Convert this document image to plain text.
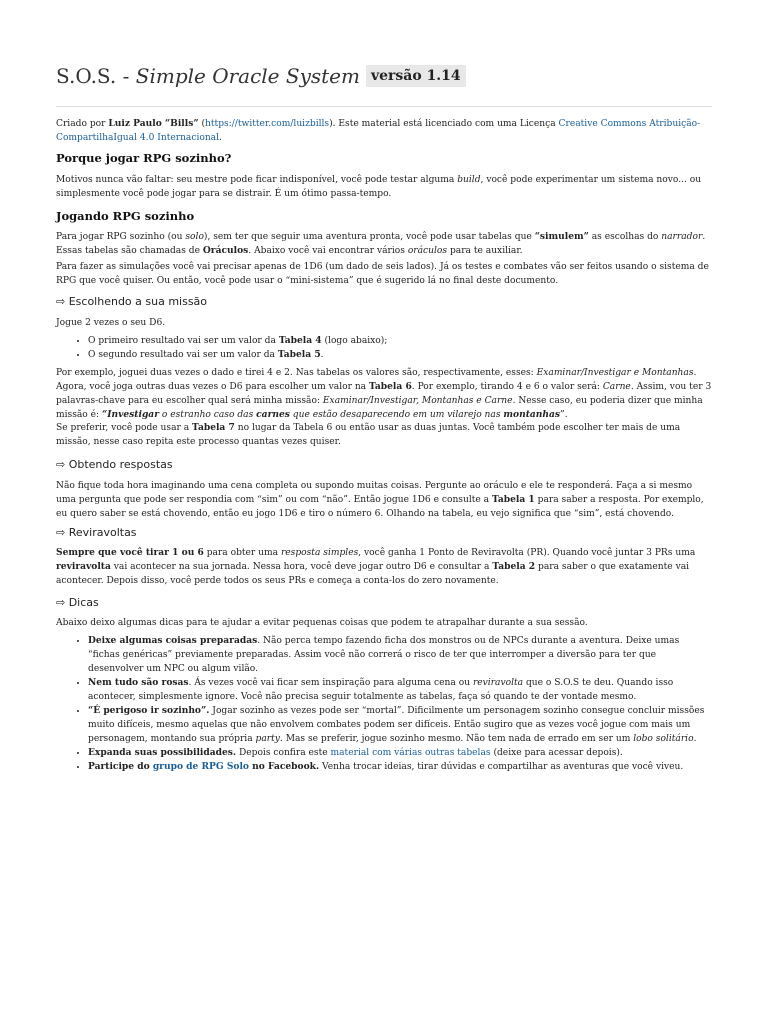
S.O.S. - Simple Oracle System versão 1.14

Criado por Luiz Paulo “Bills” (https://twitter.com/luizbills). Este material está licenciado com uma Licença Creative Commons Atribuição-CompartilhaIgual 4.0 Internacional.

Porque jogar RPG sozinho?

Motivos nunca vão faltar: seu mestre pode ficar indisponível, você pode testar alguma build, você pode experimentar um sistema novo... ou simplesmente você pode jogar para se distrair. É um ótimo passa-tempo.

Jogando RPG sozinho

Para jogar RPG sozinho (ou solo), sem ter que seguir uma aventura pronta, você pode usar tabelas que “simulem” as escolhas do narrador. Essas tabelas são chamadas de Oráculos. Abaixo você vai encontrar vários oráculos para te auxiliar.

Para fazer as simulações você vai precisar apenas de 1D6 (um dado de seis lados). Já os testes e combates vão ser feitos usando o sistema de RPG que você quiser. Ou então, você pode usar o “mini-sistema” que é sugerido lá no final deste documento.

⇨ Escolhendo a sua missão

Jogue 2 vezes o seu D6.

• O primeiro resultado vai ser um valor da Tabela 4 (logo abaixo);
• O segundo resultado vai ser um valor da Tabela 5.

Por exemplo, joguei duas vezes o dado e tirei 4 e 2. Nas tabelas os valores são, respectivamente, esses: Examinar/Investigar e Montanhas. Agora, você joga outras duas vezes o D6 para escolher um valor na Tabela 6. Por exemplo, tirando 4 e 6 o valor será: Carne. Assim, vou ter 3 palavras-chave para eu escolher qual será minha missão: Examinar/Investigar, Montanhas e Carne. Nesse caso, eu poderia dizer que minha missão é: “Investigar o estranho caso das carnes que estão desaparecendo em um vilarejo nas montanhas”.

Se preferir, você pode usar a Tabela 7 no lugar da Tabela 6 ou então usar as duas juntas. Você também pode escolher ter mais de uma missão, nesse caso repita este processo quantas vezes quiser.

⇨ Obtendo respostas

Não fique toda hora imaginando uma cena completa ou supondo muitas coisas. Pergunte ao oráculo e ele te responderá. Faça a si mesmo uma pergunta que pode ser respondia com “sim” ou com “não”. Então jogue 1D6 e consulte a Tabela 1 para saber a resposta. Por exemplo, eu quero saber se está chovendo, então eu jogo 1D6 e tiro o número 6. Olhando na tabela, eu vejo significa que “sim”, está chovendo.

⇨ Reviravoltas

Sempre que você tirar 1 ou 6 para obter uma resposta simples, você ganha 1 Ponto de Reviravolta (PR). Quando você juntar 3 PRs uma reviravolta vai acontecer na sua jornada. Nessa hora, você deve jogar outro D6 e consultar a Tabela 2 para saber o que exatamente vai acontecer. Depois disso, você perde todos os seus PRs e começa a conta-los do zero novamente.

⇨ Dicas

Abaixo deixo algumas dicas para te ajudar a evitar pequenas coisas que podem te atrapalhar durante a sua sessão.

• Deixe algumas coisas preparadas. Não perca tempo fazendo ficha dos monstros ou de NPCs durante a aventura. Deixe umas “fichas genéricas” previamente preparadas. Assim você não correrá o risco de ter que interromper a diversão para ter que desenvolver um NPC ou algum vilão.
• Nem tudo são rosas. Ás vezes você vai ficar sem inspiração para alguma cena ou reviravolta que o S.O.S te deu. Quando isso acontecer, simplesmente ignore. Você não precisa seguir totalmente as tabelas, faça só quando te der vontade mesmo.
• “É perigoso ir sozinho”. Jogar sozinho as vezes pode ser “mortal”. Dificilmente um personagem sozinho consegue concluir missões muito difíceis, mesmo aquelas que não envolvem combates podem ser difíceis. Então sugiro que as vezes você jogue com mais um personagem, montando sua própria party. Mas se preferir, jogue sozinho mesmo. Não tem nada de errado em ser um lobo solitário.
• Expanda suas possibilidades. Depois confira este material com várias outras tabelas (deixe para acessar depois).
• Participe do grupo de RPG Solo no Facebook. Venha trocar ideias, tirar dúvidas e compartilhar as aventuras que você viveu.
